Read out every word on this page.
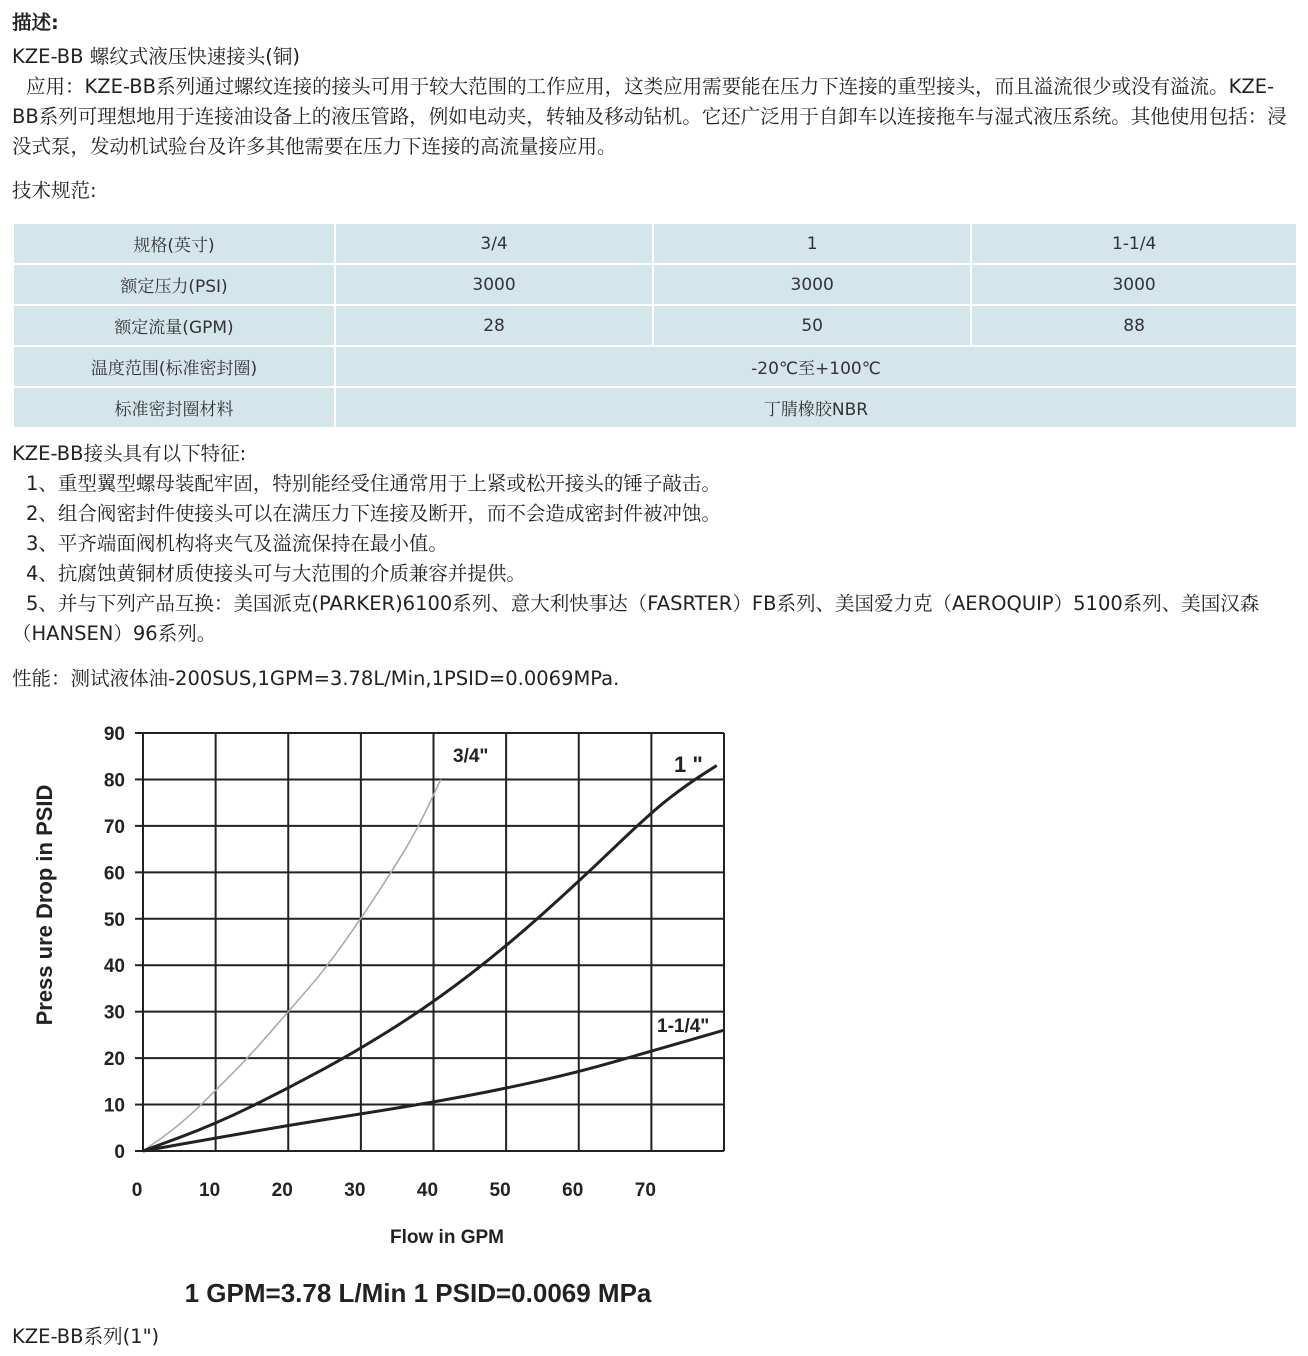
描述:
KZE-BB 螺纹式液压快速接头(铜)
应用：KZE-BB系列通过螺纹连接的接头可用于较大范围的工作应用，这类应用需要能在压力下连接的重型接头，而且溢流很少或没有溢流。KZE-BB系列可理想地用于连接油设备上的液压管路，例如电动夹，转轴及移动钻机。它还广泛用于自卸车以连接拖车与湿式液压系统。其他使用包括：浸没式泵，发动机试验台及许多其他需要在压力下连接的高流量接应用。
技术规范:
规格(英寸)	3/4	1	1-1/4
额定压力(PSI)	3000	3000	3000
额定流量(GPM)	28	50	88
温度范围(标准密封圈)	-20℃至+100℃		
标准密封圈材料	丁腈橡胶NBR		
KZE-BB接头具有以下特征:
1、重型翼型螺母装配牢固，特别能经受住通常用于上紧或松开接头的锤子敲击。
2、组合阀密封件使接头可以在满压力下连接及断开，而不会造成密封件被冲蚀。
3、平齐端面阀机构将夹气及溢流保持在最小值。
4、抗腐蚀黄铜材质使接头可与大范围的介质兼容并提供。
5、并与下列产品互换：美国派克(PARKER)6100系列、意大利快事达（FASRTER）FB系列、美国爱力克（AEROQUIP）5100系列、美国汉森（HANSEN）96系列。
性能：测试液体油-200SUS,1GPM=3.78L/Min,1PSID=0.0069MPa.
3/4"	1 "
1-1/4"
0
10
20
30
40
50
60
70
80
90
0	10	20	30	40	50	60	70
Flow in GPM
Press ure Drop in PSID
1 GPM=3.78 L/Min 1 PSID=0.0069 MPa
KZE-BB系列(1")
